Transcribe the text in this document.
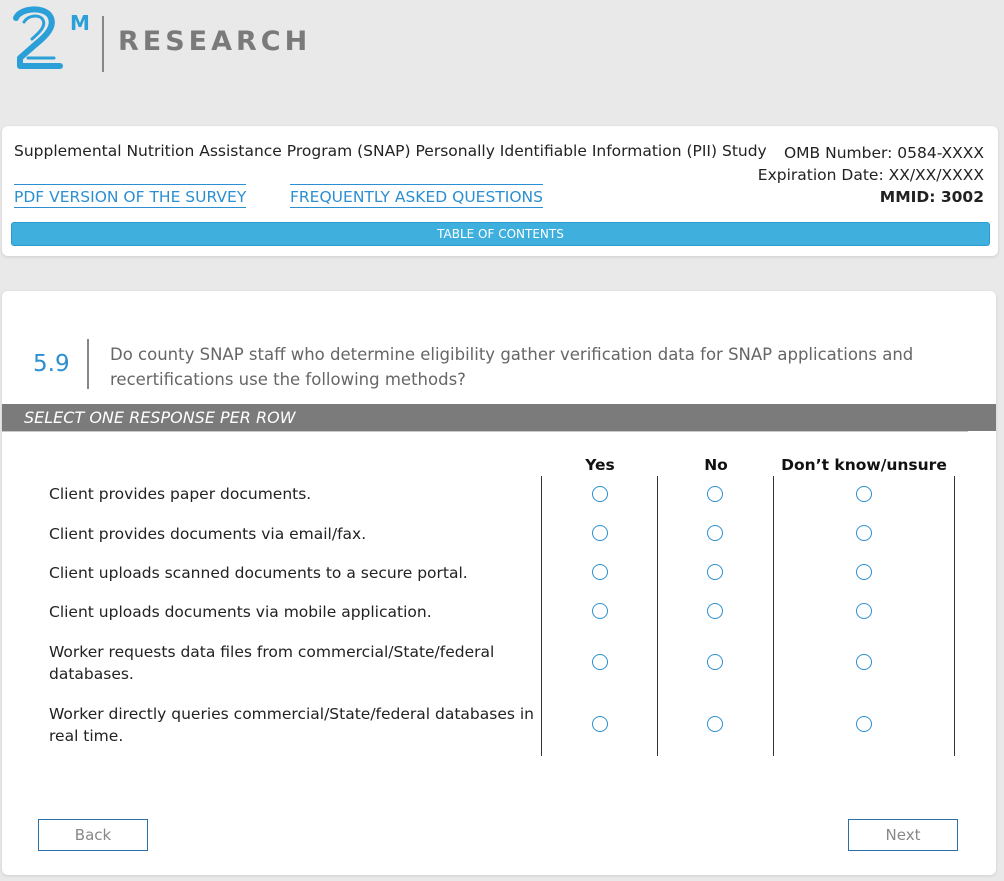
M
RESEARCH
Supplemental Nutrition Assistance Program (SNAP) Personally Identifiable Information (PII) Study	OMB Number: 0584-XXXX
Expiration Date: XX/XX/XXXX
MMID: 3002
PDF VERSION OF THE SURVEY	FREQUENTLY ASKED QUESTIONS
TABLE OF CONTENTS
5.9 Do county SNAP staff who determine eligibility gather verification data for SNAP applications and recertifications use the following methods?
SELECT ONE RESPONSE PER ROW
Yes	No	Don’t know/unsure
Client provides paper documents.
Client provides documents via email/fax.
Client uploads scanned documents to a secure portal.
Client uploads documents via mobile application.
Worker requests data files from commercial/State/federal databases.
Worker directly queries commercial/State/federal databases in real time.
Back	Next
